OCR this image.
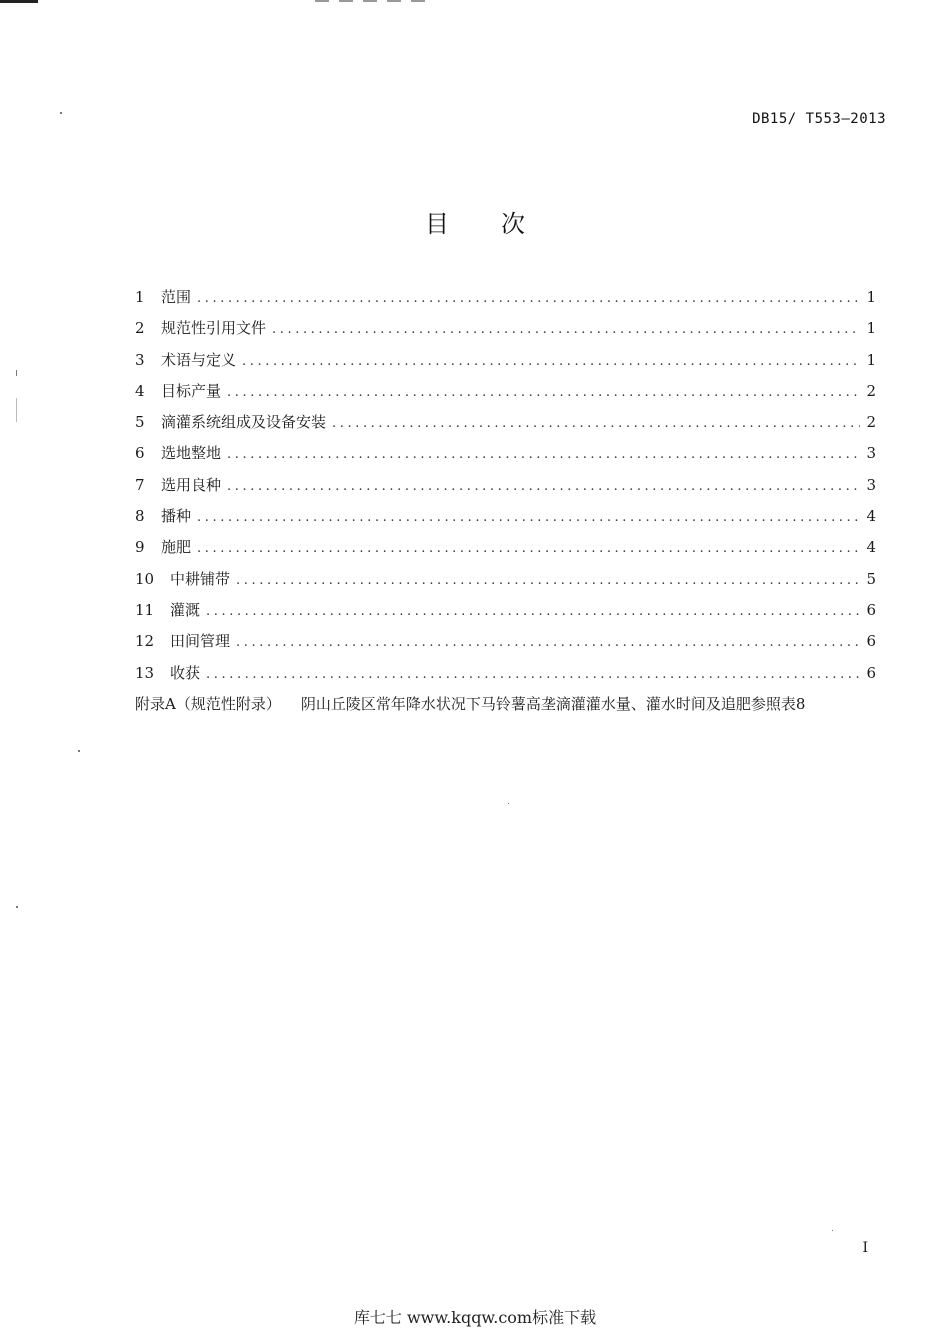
DB15/ T553—2013
目次
1	范围 .....	1
2	规范性引用文件 .....	1
3	术语与定义 .....	1
4	目标产量 .....	2
5	滴灌系统组成及设备安装 .....	2
6	选地整地 .....	3
7	选用良种 .....	3
8	播种 .....	4
9	施肥 .....	4
10	中耕铺带 .....	5
11	灌溉 .....	6
12	田间管理 .....	6
13	收获 .....	6
附录A（规范性附录） 阴山丘陵区常年降水状况下马铃薯高垄滴灌灌水量、灌水时间及追肥参照表 8
I
库七七 www.kqqw.com标准下载
